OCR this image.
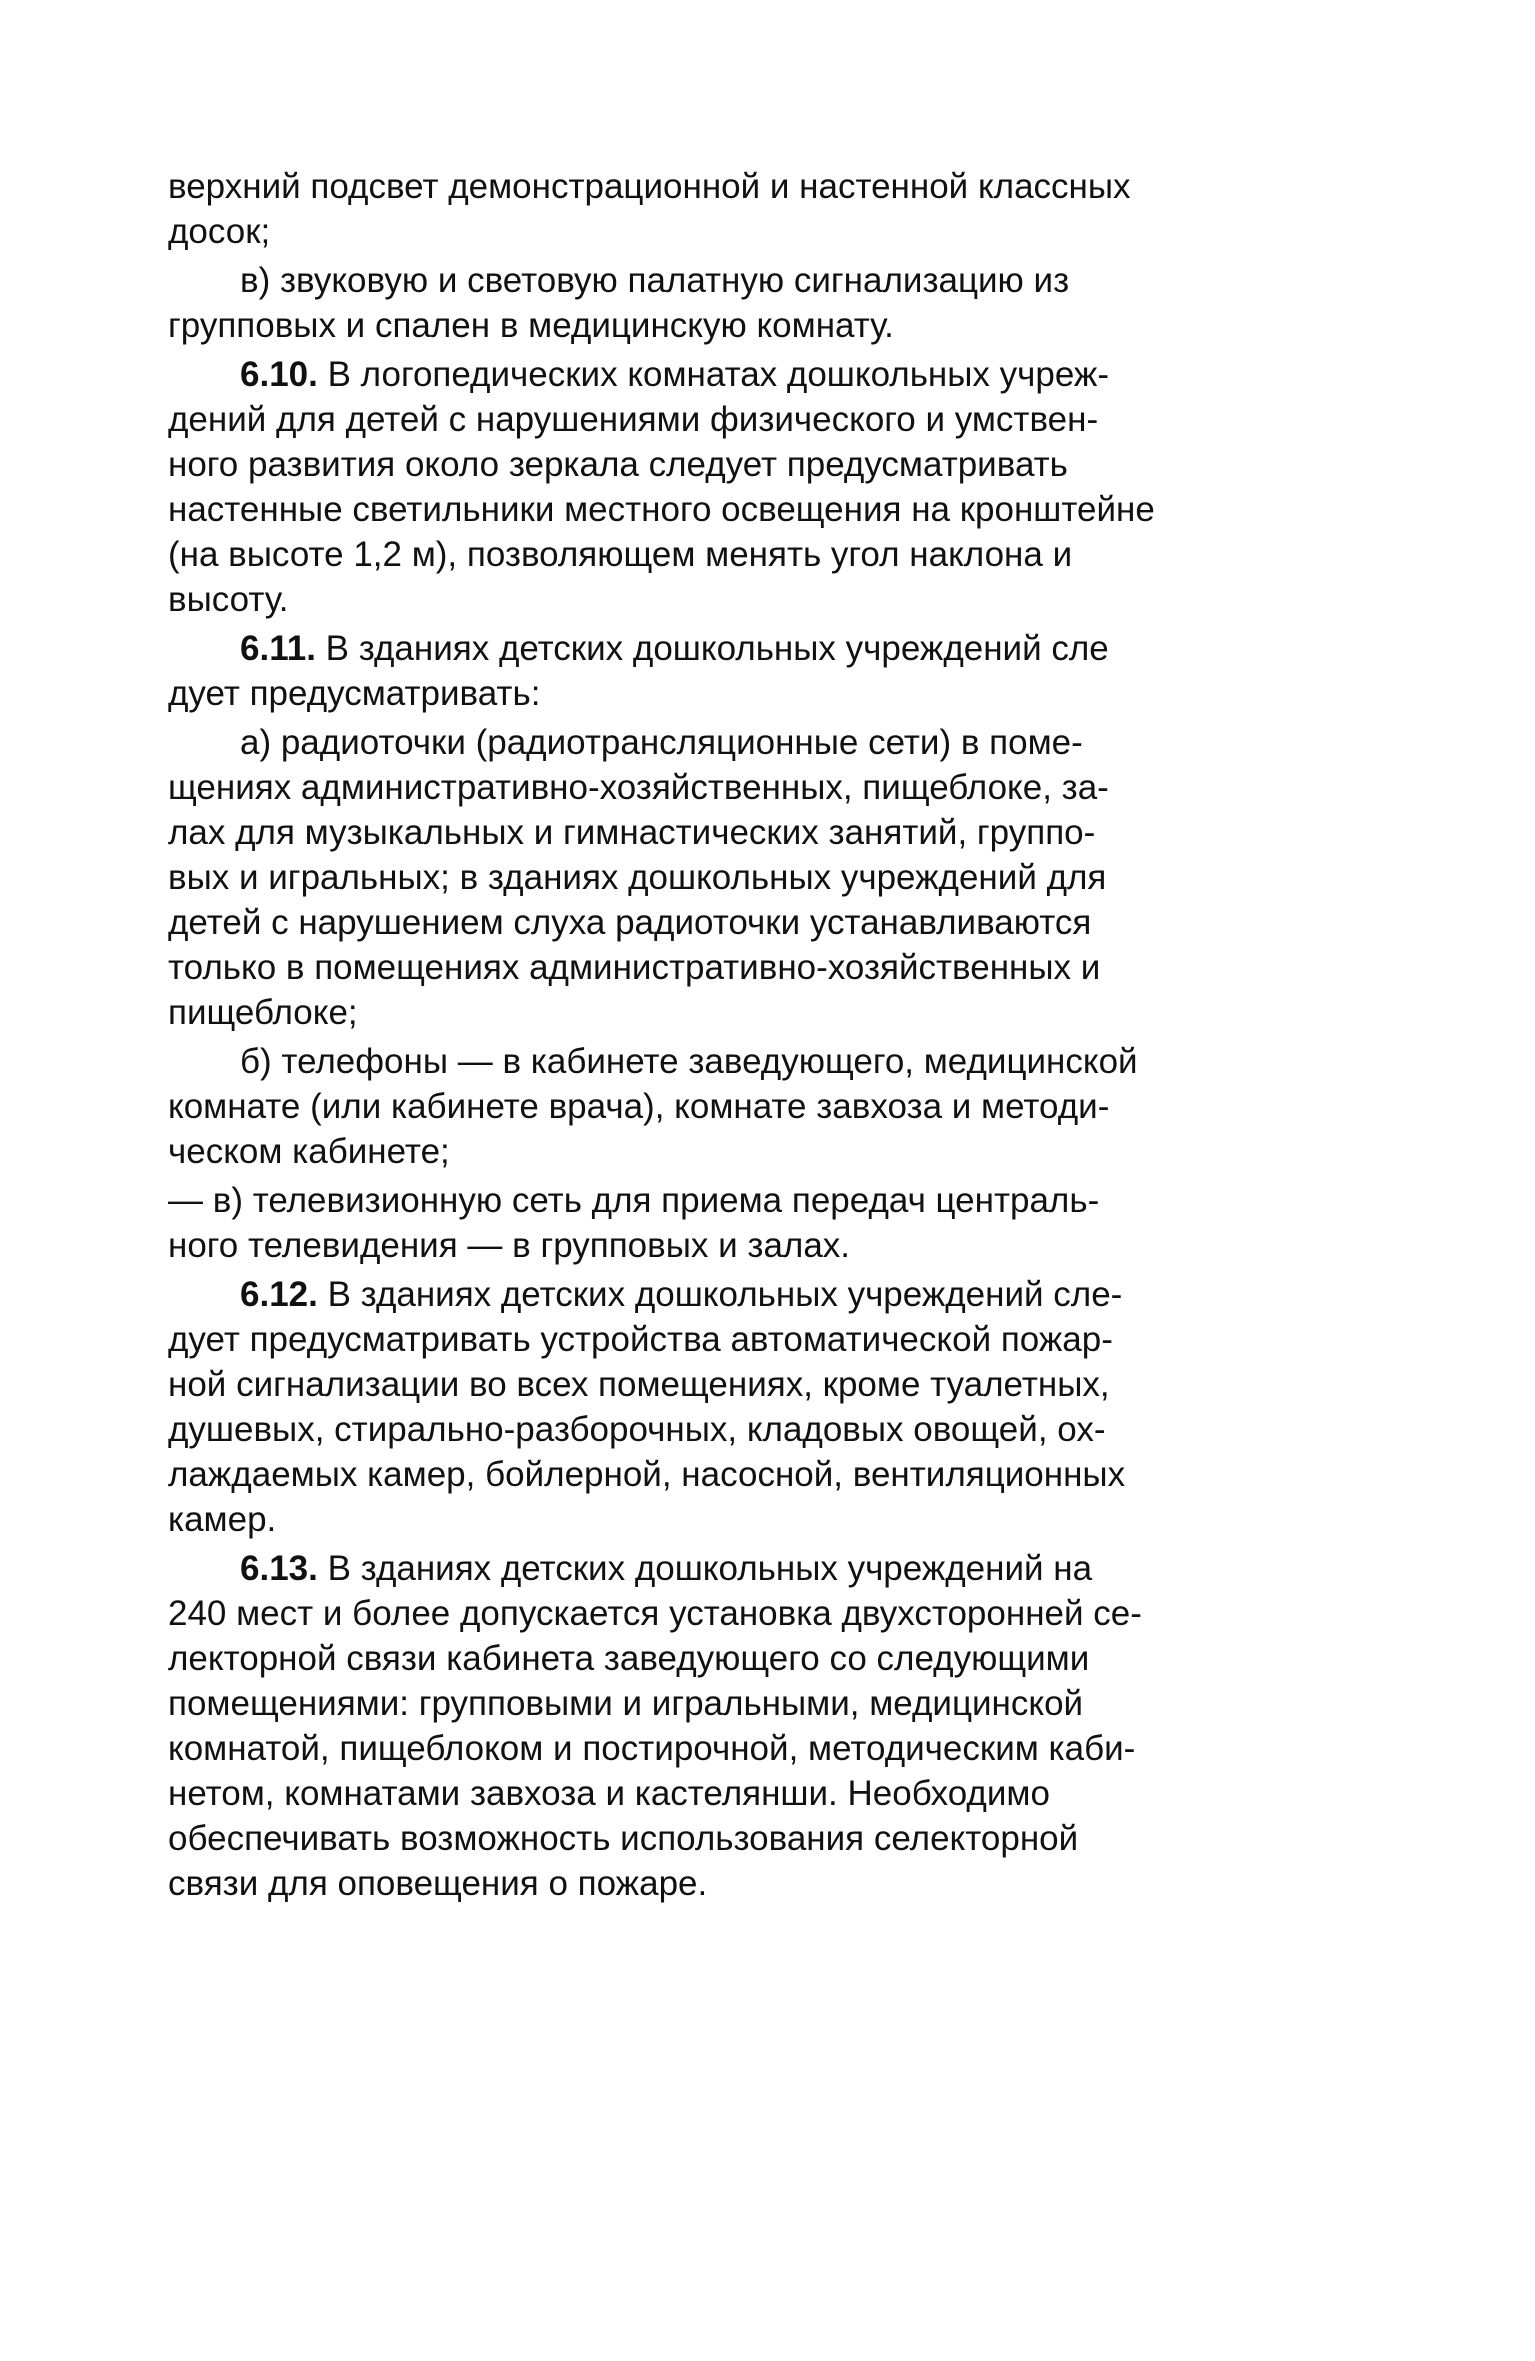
верхний подсвет демонстрационной и настенной классных
досок;
в) звуковую и световую палатную сигнализацию из
групповых и спален в медицинскую комнату.
6.10. В логопедических комнатах дошкольных учреж-
дений для детей с нарушениями физического и умствен-
ного развития около зеркала следует предусматривать
настенные светильники местного освещения на кронштейне
(на высоте 1,2 м), позволяющем менять угол наклона и
высоту.
6.11. В зданиях детских дошкольных учреждений сле
дует предусматривать:
а) радиоточки (радиотрансляционные сети) в поме-
щениях административно-хозяйственных, пищеблоке, за-
лах для музыкальных и гимнастических занятий, группо-
вых и игральных; в зданиях дошкольных учреждений для
детей с нарушением слуха радиоточки устанавливаются
только в помещениях административно-хозяйственных и
пищеблоке;
б) телефоны — в кабинете заведующего, медицинской
комнате (или кабинете врача), комнате завхоза и методи-
ческом кабинете;
— в) телевизионную сеть для приема передач централь-
ного телевидения — в групповых и залах.
6.12. В зданиях детских дошкольных учреждений сле-
дует предусматривать устройства автоматической пожар-
ной сигнализации во всех помещениях, кроме туалетных,
душевых, стирально-разборочных, кладовых овощей, ох-
лаждаемых камер, бойлерной, насосной, вентиляционных
камер.
6.13. В зданиях детских дошкольных учреждений на
240 мест и более допускается установка двухсторонней се-
лекторной связи кабинета заведующего со следующими
помещениями: групповыми и игральными, медицинской
комнатой, пищеблоком и постирочной, методическим каби-
нетом, комнатами завхоза и кастелянши. Необходимо
обеспечивать возможность использования селекторной
связи для оповещения о пожаре.
